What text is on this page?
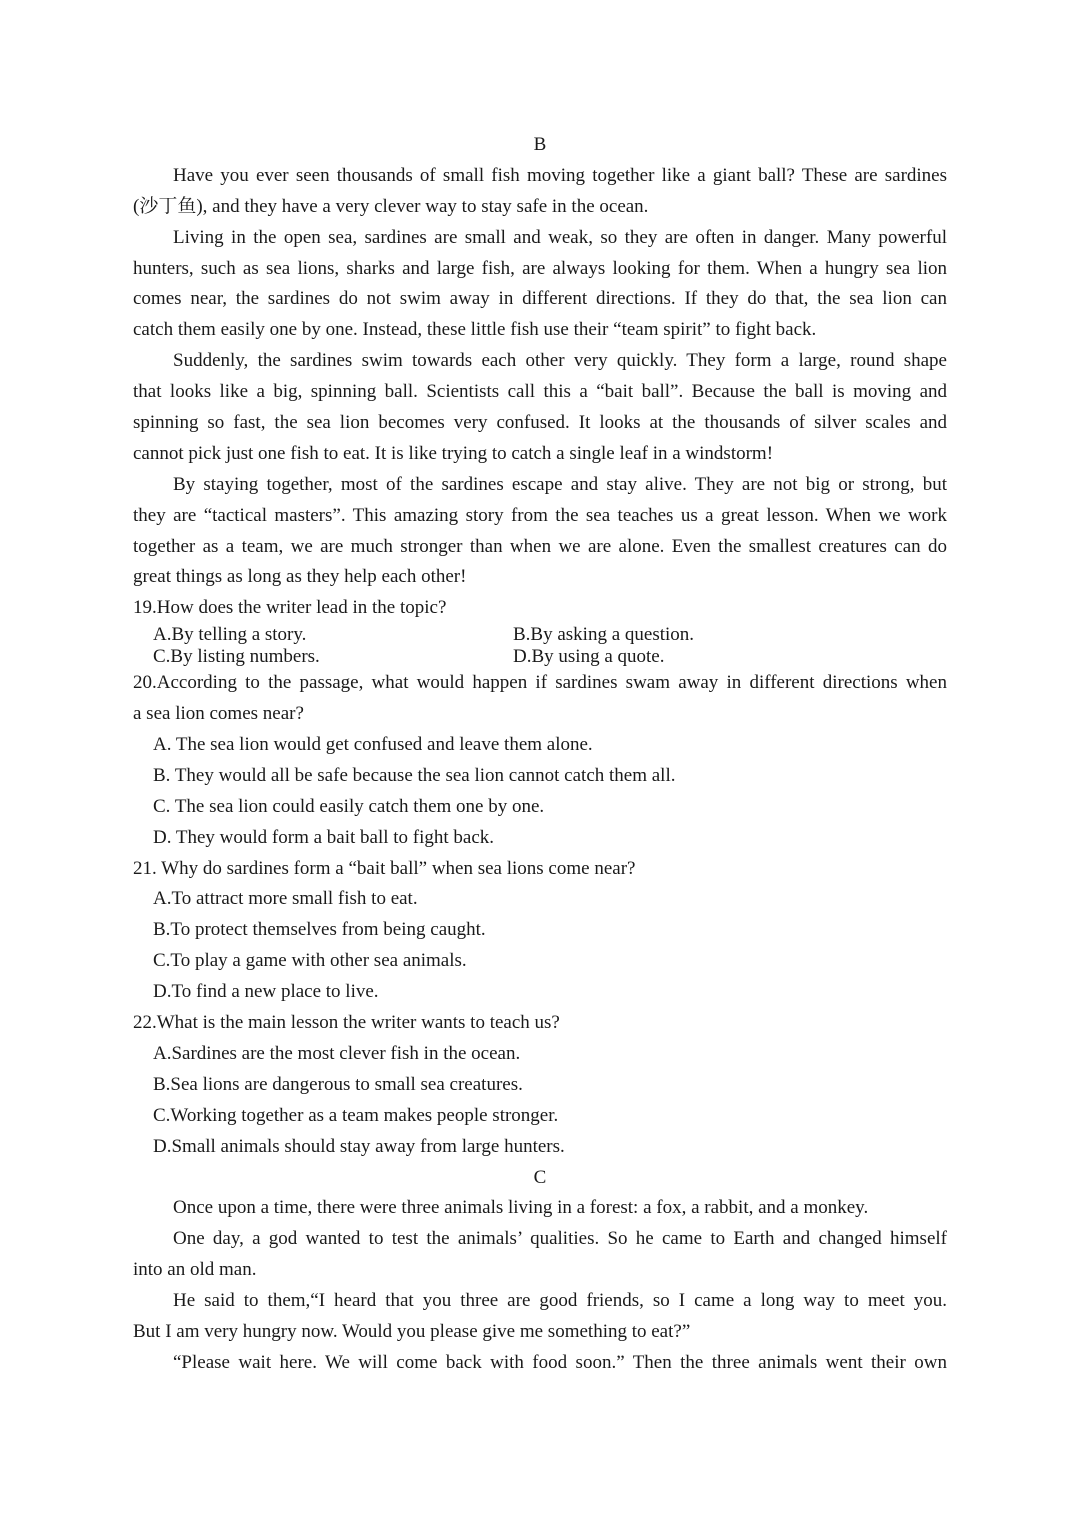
B
Have you ever seen thousands of small fish moving together like a giant ball? These are sardines
(沙丁鱼), and they have a very clever way to stay safe in the ocean.
Living in the open sea, sardines are small and weak, so they are often in danger. Many powerful
hunters, such as sea lions, sharks and large fish, are always looking for them. When a hungry sea lion
comes near, the sardines do not swim away in different directions. If they do that, the sea lion can
catch them easily one by one. Instead, these little fish use their “team spirit” to fight back.
Suddenly, the sardines swim towards each other very quickly. They form a large, round shape
that looks like a big, spinning ball. Scientists call this a “bait ball”. Because the ball is moving and
spinning so fast, the sea lion becomes very confused. It looks at the thousands of silver scales and
cannot pick just one fish to eat. It is like trying to catch a single leaf in a windstorm!
By staying together, most of the sardines escape and stay alive. They are not big or strong, but
they are “tactical masters”. This amazing story from the sea teaches us a great lesson. When we work
together as a team, we are much stronger than when we are alone. Even the smallest creatures can do
great things as long as they help each other!
19.How does the writer lead in the topic?
A.By telling a story.	B.By asking a question.
C.By listing numbers.	D.By using a quote.
20.According to the passage, what would happen if sardines swam away in different directions when
a sea lion comes near?
A. The sea lion would get confused and leave them alone.
B. They would all be safe because the sea lion cannot catch them all.
C. The sea lion could easily catch them one by one.
D. They would form a bait ball to fight back.
21. Why do sardines form a “bait ball” when sea lions come near?
A.To attract more small fish to eat.
B.To protect themselves from being caught.
C.To play a game with other sea animals.
D.To find a new place to live.
22.What is the main lesson the writer wants to teach us?
A.Sardines are the most clever fish in the ocean.
B.Sea lions are dangerous to small sea creatures.
C.Working together as a team makes people stronger.
D.Small animals should stay away from large hunters.
C
Once upon a time, there were three animals living in a forest: a fox, a rabbit, and a monkey.
One day, a god wanted to test the animals’ qualities. So he came to Earth and changed himself
into an old man.
He said to them,“I heard that you three are good friends, so I came a long way to meet you.
But I am very hungry now. Would you please give me something to eat?”
“Please wait here. We will come back with food soon.” Then the three animals went their own
